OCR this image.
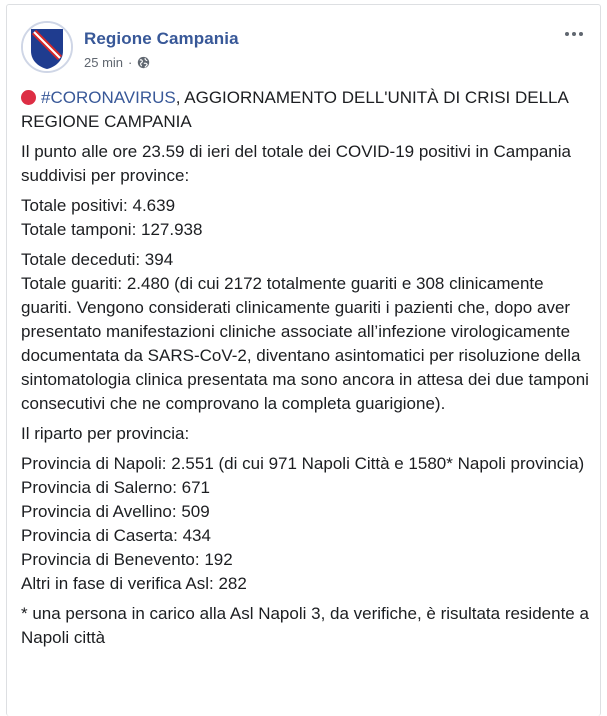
Regione Campania
25 min ·

#CORONAVIRUS, AGGIORNAMENTO DELL'UNITÀ DI CRISI DELLA REGIONE CAMPANIA

Il punto alle ore 23.59 di ieri del totale dei COVID-19 positivi in Campania suddivisi per province:

Totale positivi: 4.639
Totale tamponi: 127.938

Totale deceduti: 394
Totale guariti: 2.480 (di cui 2172 totalmente guariti e 308 clinicamente guariti. Vengono considerati clinicamente guariti i pazienti che, dopo aver presentato manifestazioni cliniche associate all’infezione virologicamente documentata da SARS-CoV-2, diventano asintomatici per risoluzione della sintomatologia clinica presentata ma sono ancora in attesa dei due tamponi consecutivi che ne comprovano la completa guarigione).

Il riparto per provincia:

Provincia di Napoli: 2.551 (di cui 971 Napoli Città e 1580* Napoli provincia)
Provincia di Salerno: 671
Provincia di Avellino: 509
Provincia di Caserta: 434
Provincia di Benevento: 192
Altri in fase di verifica Asl: 282

* una persona in carico alla Asl Napoli 3, da verifiche, è risultata residente a Napoli città
